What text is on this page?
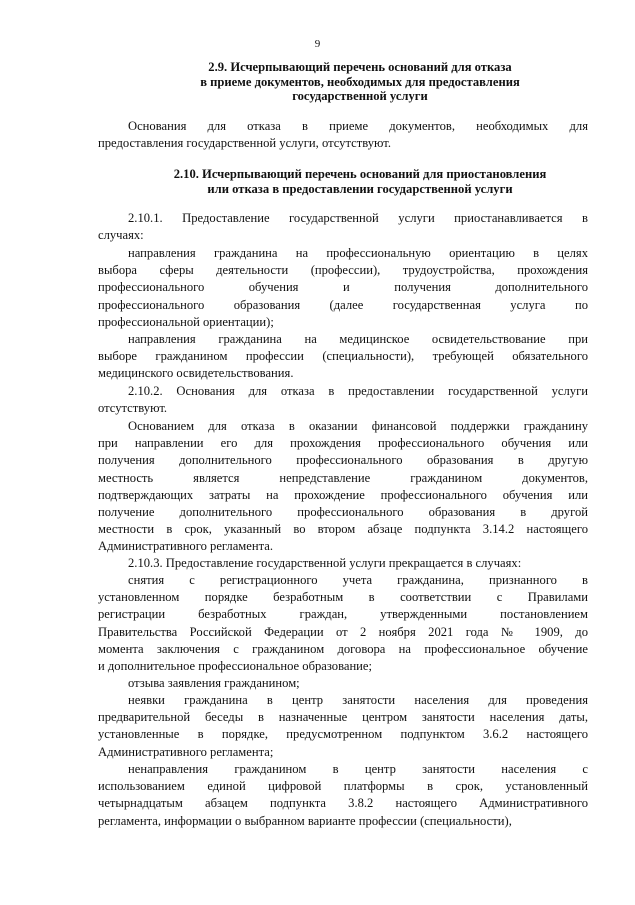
9
2.9. Исчерпывающий перечень оснований для отказа
в приеме документов, необходимых для предоставления
государственной услуги

Основания для отказа в приеме документов, необходимых для
предоставления государственной услуги, отсутствуют.

2.10. Исчерпывающий перечень оснований для приостановления
или отказа в предоставлении государственной услуги

2.10.1. Предоставление государственной услуги приостанавливается в
случаях:

направления гражданина на профессиональную ориентацию в целях
выбора сферы деятельности (профессии), трудоустройства, прохождения
профессионального обучения и получения дополнительного
профессионального образования (далее государственная услуга по
профессиональной ориентации);

направления гражданина на медицинское освидетельствование при
выборе гражданином профессии (специальности), требующей обязательного
медицинского освидетельствования.

2.10.2. Основания для отказа в предоставлении государственной услуги
отсутствуют.

Основанием для отказа в оказании финансовой поддержки гражданину
при направлении его для прохождения профессионального обучения или
получения дополнительного профессионального образования в другую
местность является непредставление гражданином документов,
подтверждающих затраты на прохождение профессионального обучения или
получение дополнительного профессионального образования в другой
местности в срок, указанный во втором абзаце подпункта 3.14.2 настоящего
Административного регламента.

2.10.3. Предоставление государственной услуги прекращается в случаях:

снятия с регистрационного учета гражданина, признанного в
установленном порядке безработным в соответствии с Правилами
регистрации безработных граждан, утвержденными постановлением
Правительства Российской Федерации от 2 ноября 2021 года № 1909, до
момента заключения с гражданином договора на профессиональное обучение
и дополнительное профессиональное образование;

отзыва заявления гражданином;

неявки гражданина в центр занятости населения для проведения
предварительной беседы в назначенные центром занятости населения даты,
установленные в порядке, предусмотренном подпунктом 3.6.2 настоящего
Административного регламента;

ненаправления гражданином в центр занятости населения с
использованием единой цифровой платформы в срок, установленный
четырнадцатым абзацем подпункта 3.8.2 настоящего Административного
регламента, информации о выбранном варианте профессии (специальности),
